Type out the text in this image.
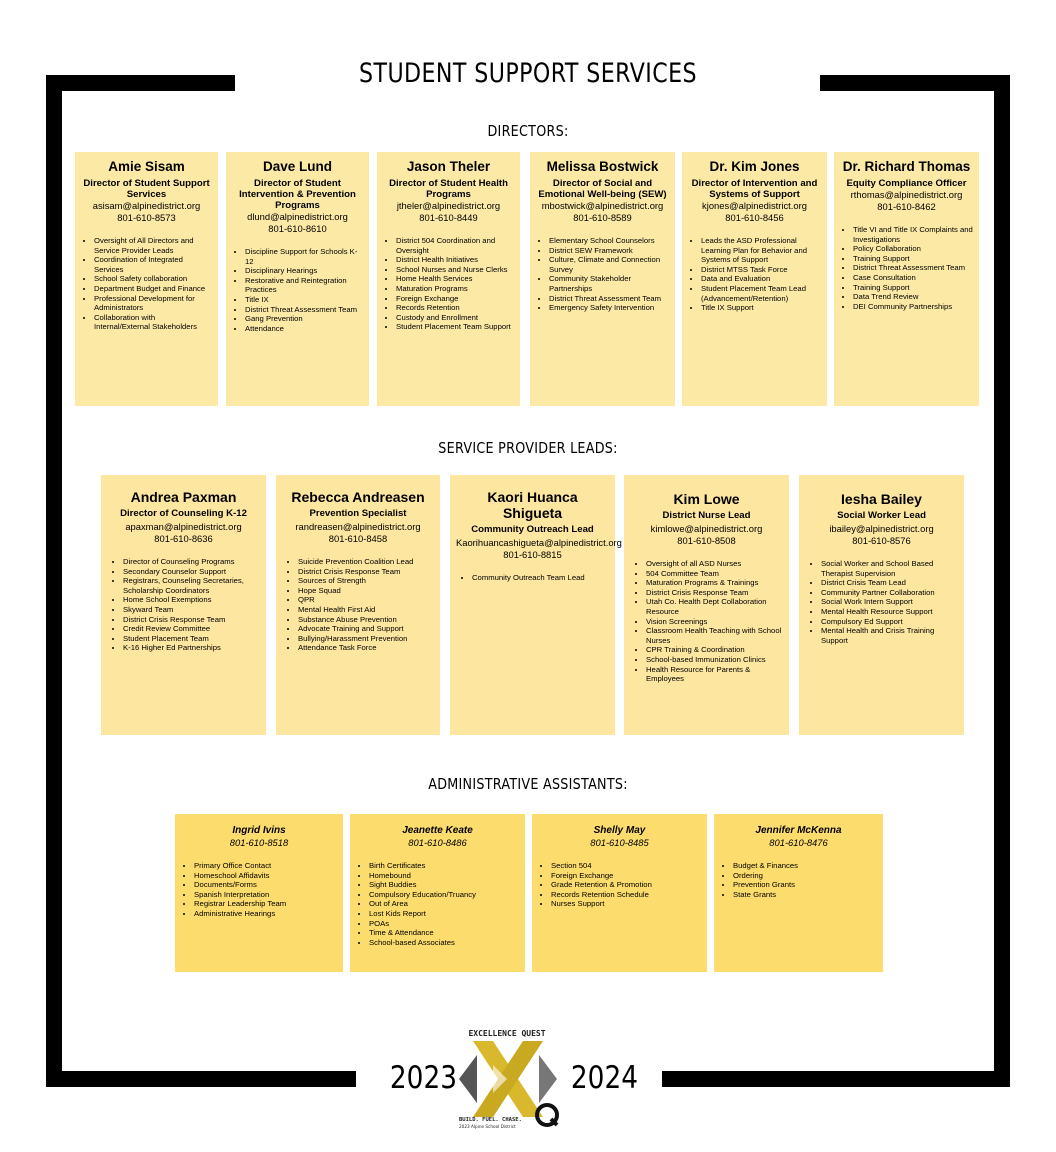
STUDENT SUPPORT SERVICES
DIRECTORS:
SERVICE PROVIDER LEADS:
ADMINISTRATIVE ASSISTANTS:
Amie Sisam
Director of Student Support Services
asisam@alpinedistrict.org
801-610-8573
• Oversight of All Directors and Service Provider Leads
• Coordination of Integrated Services
• School Safety collaboration
• Department Budget and Finance
• Professional Development for Administrators
• Collaboration with Internal/External Stakeholders
Dave Lund
Director of Student Intervention & Prevention Programs
dlund@alpinedistrict.org
801-610-8610
• Discipline Support for Schools K-12
• Disciplinary Hearings
• Restorative and Reintegration Practices
• Title IX
• District Threat Assessment Team
• Gang Prevention
• Attendance
Jason Theler
Director of Student Health Programs
jtheler@alpinedistrict.org
801-610-8449
• District 504 Coordination and Oversight
• District Health Initiatives
• School Nurses and Nurse Clerks
• Home Health Services
• Maturation Programs
• Foreign Exchange
• Records Retention
• Custody and Enrollment
• Student Placement Team Support
Melissa Bostwick
Director of Social and Emotional Well-being (SEW)
mbostwick@alpinedistrict.org
801-610-8589
• Elementary School Counselors
• District SEW Framework
• Culture, Climate and Connection Survey
• Community Stakeholder Partnerships
• District Threat Assessment Team
• Emergency Safety Intervention
Dr. Kim Jones
Director of Intervention and Systems of Support
kjones@alpinedistrict.org
801-610-8456
• Leads the ASD Professional Learning Plan for Behavior and Systems of Support
• District MTSS Task Force
• Data and Evaluation
• Student Placement Team Lead (Advancement/Retention)
• Title IX Support
Dr. Richard Thomas
Equity Compliance Officer
rthomas@alpinedistrict.org
801-610-8462
• Title VI and Title IX Complaints and Investigations
• Policy Collaboration
• Training Support
• District Threat Assessment Team
• Case Consultation
• Training Support
• Data Trend Review
• DEI Community Partnerships
Andrea Paxman
Director of Counseling K-12
apaxman@alpinedistrict.org
801-610-8636
• Director of Counseling Programs
• Secondary Counselor Support
• Registrars, Counseling Secretaries, Scholarship Coordinators
• Home School Exemptions
• Skyward Team
• District Crisis Response Team
• Credit Review Committee
• Student Placement Team
• K-16 Higher Ed Partnerships
Rebecca Andreasen
Prevention Specialist
randreasen@alpinedistrict.org
801-610-8458
• Suicide Prevention Coalition Lead
• District Crisis Response Team
• Sources of Strength
• Hope Squad
• QPR
• Mental Health First Aid
• Substance Abuse Prevention
• Advocate Training and Support
• Bullying/Harassment Prevention
• Attendance Task Force
Kaori Huanca Shigueta
Community Outreach Lead
Kaorihuancashigueta@alpinedistrict.org
801-610-8815
• Community Outreach Team Lead
Kim Lowe
District Nurse Lead
kimlowe@alpinedistrict.org
801-610-8508
• Oversight of all ASD Nurses
• 504 Committee Team
• Maturation Programs & Trainings
• District Crisis Response Team
• Utah Co. Health Dept Collaboration Resource
• Vision Screenings
• Classroom Health Teaching with School Nurses
• CPR Training & Coordination
• School-based Immunization Clinics
• Health Resource for Parents & Employees
Iesha Bailey
Social Worker Lead
ibailey@alpinedistrict.org
801-610-8576
• Social Worker and School Based Therapist Supervision
• District Crisis Team Lead
• Community Partner Collaboration
• Social Work Intern Support
• Mental Health Resource Support
• Compulsory Ed Support
• Mental Health and Crisis Training Support
Ingrid Ivins
801-610-8518
• Primary Office Contact
• Homeschool Affidavits
• Documents/Forms
• Spanish Interpretation
• Registrar Leadership Team
• Administrative Hearings
Jeanette Keate
801-610-8486
• Birth Certificates
• Homebound
• Sight Buddies
• Compulsory Education/Truancy
• Out of Area
• Lost Kids Report
• POAs
• Time & Attendance
• School-based Associates
Shelly May
801-610-8485
• Section 504
• Foreign Exchange
• Grade Retention & Promotion
• Records Retention Schedule
• Nurses Support
Jennifer McKenna
801-610-8476
• Budget & Finances
• Ordering
• Prevention Grants
• State Grants
2023	2024
EXCELLENCE QUEST
BUILD. FUEL. CHASE.
2023 Alpine School District
